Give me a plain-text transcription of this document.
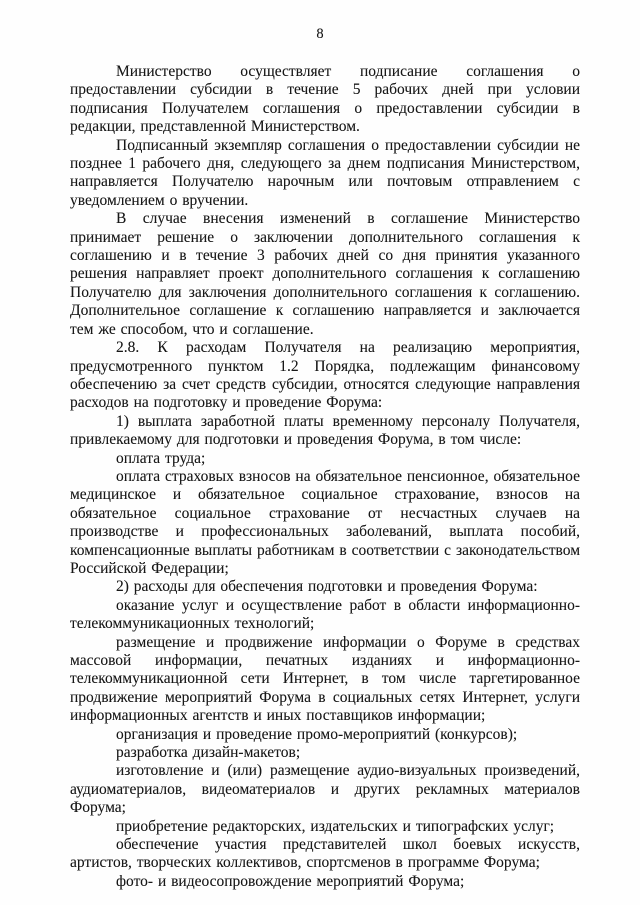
8

Министерство осуществляет подписание соглашения о предоставлении субсидии в течение 5 рабочих дней при условии подписания Получателем соглашения о предоставлении субсидии в редакции, представленной Министерством.

Подписанный экземпляр соглашения о предоставлении субсидии не позднее 1 рабочего дня, следующего за днем подписания Министерством, направляется Получателю нарочным или почтовым отправлением с уведомлением о вручении.

В случае внесения изменений в соглашение Министерство принимает решение о заключении дополнительного соглашения к соглашению и в течение 3 рабочих дней со дня принятия указанного решения направляет проект дополнительного соглашения к соглашению Получателю для заключения дополнительного соглашения к соглашению. Дополнительное соглашение к соглашению направляется и заключается тем же способом, что и соглашение.

2.8. К расходам Получателя на реализацию мероприятия, предусмотренного пунктом 1.2 Порядка, подлежащим финансовому обеспечению за счет средств субсидии, относятся следующие направления расходов на подготовку и проведение Форума:

1) выплата заработной платы временному персоналу Получателя, привлекаемому для подготовки и проведения Форума, в том числе:

оплата труда;

оплата страховых взносов на обязательное пенсионное, обязательное медицинское и обязательное социальное страхование, взносов на обязательное социальное страхование от несчастных случаев на производстве и профессиональных заболеваний, выплата пособий, компенсационные выплаты работникам в соответствии с законодательством Российской Федерации;

2) расходы для обеспечения подготовки и проведения Форума:

оказание услуг и осуществление работ в области информационно-телекоммуникационных технологий;

размещение и продвижение информации о Форуме в средствах массовой информации, печатных изданиях и информационно-телекоммуникационной сети Интернет, в том числе таргетированное продвижение мероприятий Форума в социальных сетях Интернет, услуги информационных агентств и иных поставщиков информации;

организация и проведение промо-мероприятий (конкурсов);

разработка дизайн-макетов;

изготовление и (или) размещение аудио-визуальных произведений, аудиоматериалов, видеоматериалов и других рекламных материалов Форума;

приобретение редакторских, издательских и типографских услуг;

обеспечение участия представителей школ боевых искусств, артистов, творческих коллективов, спортсменов в программе Форума;

фото- и видеосопровождение мероприятий Форума;
